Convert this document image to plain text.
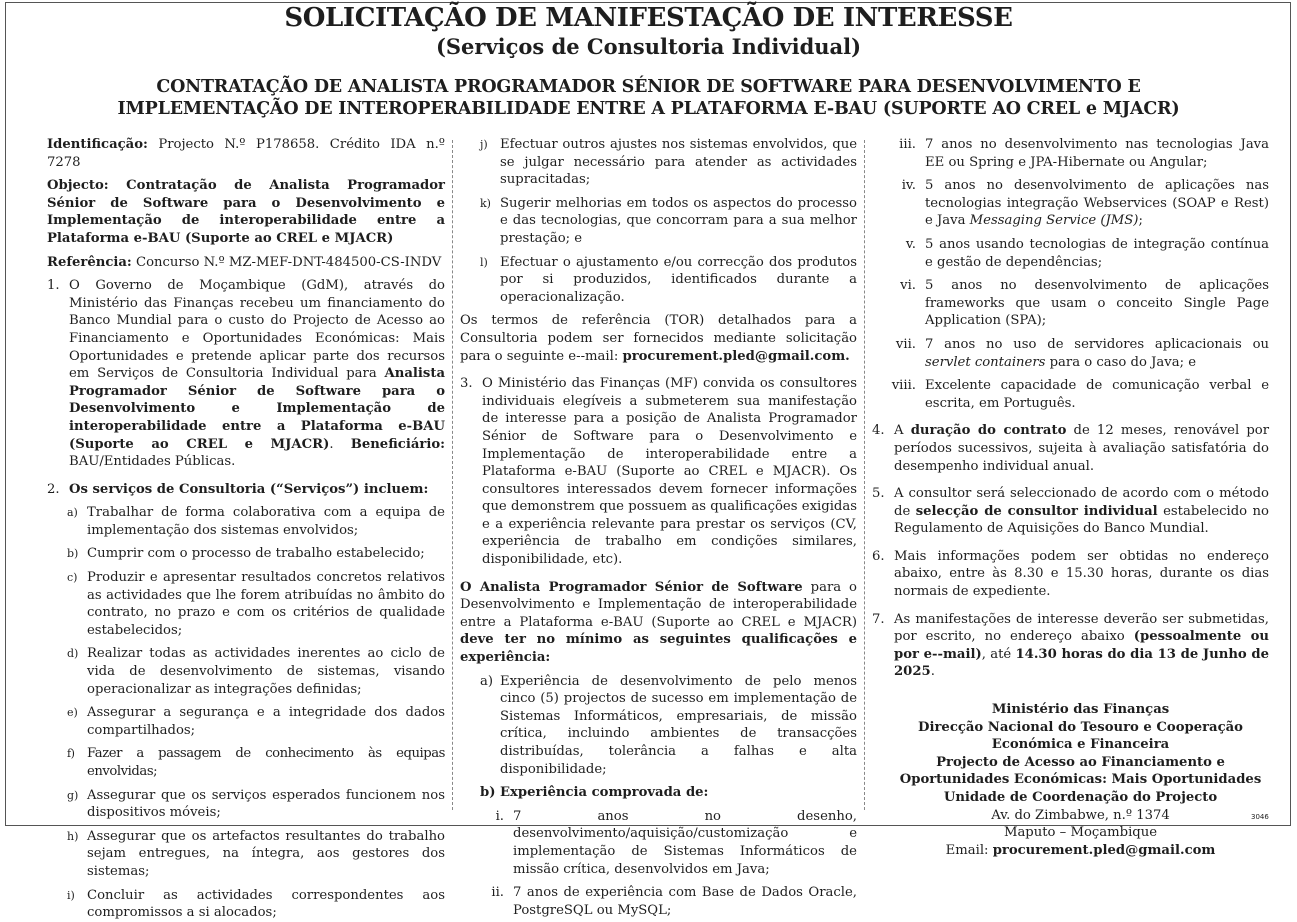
SOLICITAÇÃO DE MANIFESTAÇÃO DE INTERESSE
(Serviços de Consultoria Individual)
CONTRATAÇÃO DE ANALISTA PROGRAMADOR SÉNIOR DE SOFTWARE PARA DESENVOLVIMENTO E
IMPLEMENTAÇÃO DE INTEROPERABILIDADE ENTRE A PLATAFORMA E-BAU (SUPORTE AO CREL e MJACR)

Identificação: Projecto N.º P178658. Crédito IDA n.º 7278

Objecto: Contratação de Analista Programador Sénior de Software para o Desenvolvimento e Implementação de interoperabilidade entre a Plataforma e-BAU (Suporte ao CREL e MJACR)

Referência: Concurso N.º MZ-MEF-DNT-484500-CS-INDV

1. O Governo de Moçambique (GdM), através do Ministério das Finanças recebeu um financiamento do Banco Mundial para o custo do Projecto de Acesso ao Financiamento e Oportunidades Económicas: Mais Oportunidades e pretende aplicar parte dos recursos em Serviços de Consultoria Individual para Analista Programador Sénior de Software para o Desenvolvimento e Implementação de interoperabilidade entre a Plataforma e-BAU (Suporte ao CREL e MJACR). Beneficiário: BAU/Entidades Públicas.
2. Os serviços de Consultoria (“Serviços”) incluem:
a) Trabalhar de forma colaborativa com a equipa de implementação dos sistemas envolvidos;
b) Cumprir com o processo de trabalho estabelecido;
c) Produzir e apresentar resultados concretos relativos as actividades que lhe forem atribuídas no âmbito do contrato, no prazo e com os critérios de qualidade estabelecidos;
d) Realizar todas as actividades inerentes ao ciclo de vida de desenvolvimento de sistemas, visando operacionalizar as integrações definidas;
e) Assegurar a segurança e a integridade dos dados compartilhados;
f) Fazer a passagem de conhecimento às equipas envolvidas;
g) Assegurar que os serviços esperados funcionem nos dispositivos móveis;
h) Assegurar que os artefactos resultantes do trabalho sejam entregues, na íntegra, aos gestores dos sistemas;
i) Concluir as actividades correspondentes aos compromissos a si alocados;
j) Efectuar outros ajustes nos sistemas envolvidos, que se julgar necessário para atender as actividades supracitadas;
k) Sugerir melhorias em todos os aspectos do processo e das tecnologias, que concorram para a sua melhor prestação; e
l) Efectuar o ajustamento e/ou correcção dos produtos por si produzidos, identificados durante a operacionalização.

Os termos de referência (TOR) detalhados para a Consultoria podem ser fornecidos mediante solicitação para o seguinte e--mail: procurement.pled@gmail.com.

3. O Ministério das Finanças (MF) convida os consultores individuais elegíveis a submeterem sua manifestação de interesse para a posição de Analista Programador Sénior de Software para o Desenvolvimento e Implementação de interoperabilidade entre a Plataforma e-BAU (Suporte ao CREL e MJACR). Os consultores interessados devem fornecer informações que demonstrem que possuem as qualificações exigidas e a experiência relevante para prestar os serviços (CV, experiência de trabalho em condições similares, disponibilidade, etc).

O Analista Programador Sénior de Software para o Desenvolvimento e Implementação de interoperabilidade entre a Plataforma e-BAU (Suporte ao CREL e MJACR) deve ter no mínimo as seguintes qualificações e experiência:

a) Experiência de desenvolvimento de pelo menos cinco (5) projectos de sucesso em implementação de Sistemas Informáticos, empresariais, de missão crítica, incluindo ambientes de transacções distribuídas, tolerância a falhas e alta disponibilidade;
b) Experiência comprovada de:
i. 7 anos no desenho, desenvolvimento/aquisição/customização e implementação de Sistemas Informáticos de missão crítica, desenvolvidos em Java;
ii. 7 anos de experiência com Base de Dados Oracle, PostgreSQL ou MySQL;
iii. 7 anos no desenvolvimento nas tecnologias Java EE ou Spring e JPA-Hibernate ou Angular;
iv. 5 anos no desenvolvimento de aplicações nas tecnologias integração Webservices (SOAP e Rest) e Java Messaging Service (JMS);
v. 5 anos usando tecnologias de integração contínua e gestão de dependências;
vi. 5 anos no desenvolvimento de aplicações frameworks que usam o conceito Single Page Application (SPA);
vii. 7 anos no uso de servidores aplicacionais ou servlet containers para o caso do Java; e
viii. Excelente capacidade de comunicação verbal e escrita, em Português.
4. A duração do contrato de 12 meses, renovável por períodos sucessivos, sujeita à avaliação satisfatória do desempenho individual anual.
5. A consultor será seleccionado de acordo com o método de selecção de consultor individual estabelecido no Regulamento de Aquisições do Banco Mundial.
6. Mais informações podem ser obtidas no endereço abaixo, entre às 8.30 e 15.30 horas, durante os dias normais de expediente.
7. As manifestações de interesse deverão ser submetidas, por escrito, no endereço abaixo (pessoalmente ou por e--mail), até 14.30 horas do dia 13 de Junho de 2025.
Ministério das Finanças
Direcção Nacional do Tesouro e Cooperação Económica e Financeira
Projecto de Acesso ao Financiamento e Oportunidades Económicas: Mais Oportunidades
Unidade de Coordenação do Projecto
Av. do Zimbabwe, n.º 1374
Maputo – Moçambique
Email: procurement.pled@gmail.com
3046
